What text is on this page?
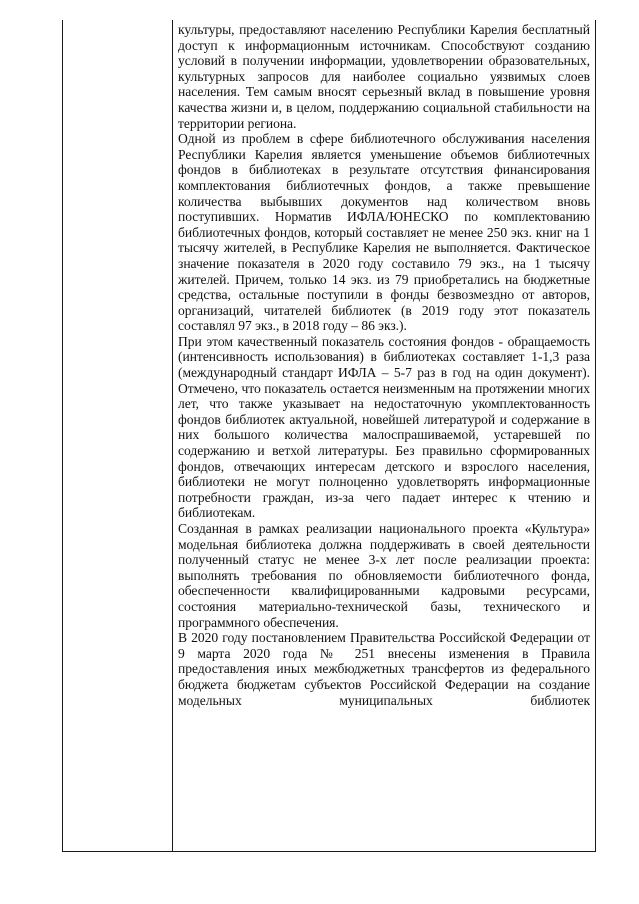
культуры, предоставляют населению Республики Карелия бесплатный доступ к информационным источникам. Способствуют созданию условий в получении информации, удовлетворении образовательных, культурных запросов для наиболее социально уязвимых слоев населения. Тем самым вносят серьезный вклад в повышение уровня качества жизни и, в целом, поддержанию социальной стабильности на территории региона.

Одной из проблем в сфере библиотечного обслуживания населения Республики Карелия является уменьшение объемов библиотечных фондов в библиотеках в результате отсутствия финансирования комплектования библиотечных фондов, а также превышение количества выбывших документов над количеством вновь поступивших. Норматив ИФЛА/ЮНЕСКО по комплектованию библиотечных фондов, который составляет не менее 250 экз. книг на 1 тысячу жителей, в Республике Карелия не выполняется. Фактическое значение показателя в 2020 году составило 79 экз., на 1 тысячу жителей. Причем, только 14 экз. из 79 приобретались на бюджетные средства, остальные поступили в фонды безвозмездно от авторов, организаций, читателей библиотек (в 2019 году этот показатель составлял 97 экз., в 2018 году – 86 экз.).

При этом качественный показатель состояния фондов - обращаемость (интенсивность использования) в библиотеках составляет 1-1,3 раза (международный стандарт ИФЛА – 5-7 раз в год на один документ). Отмечено, что показатель остается неизменным на протяжении многих лет, что также указывает на недостаточную укомплектованность фондов библиотек актуальной, новейшей литературой и содержание в них большого количества малоспрашиваемой, устаревшей по содержанию и ветхой литературы. Без правильно сформированных фондов, отвечающих интересам детского и взрослого населения, библиотеки не могут полноценно удовлетворять информационные потребности граждан, из-за чего падает интерес к чтению и библиотекам.

Созданная в рамках реализации национального проекта «Культура» модельная библиотека должна поддерживать в своей деятельности полученный статус не менее 3-х лет после реализации проекта: выполнять требования по обновляемости библиотечного фонда, обеспеченности квалифицированными кадровыми ресурсами, состояния материально-технической базы, технического и программного обеспечения.

В 2020 году постановлением Правительства Российской Федерации от 9 марта 2020 года № 251 внесены изменения в Правила предоставления иных межбюджетных трансфертов из федерального бюджета бюджетам субъектов Российской Федерации на создание модельных муниципальных библиотек
